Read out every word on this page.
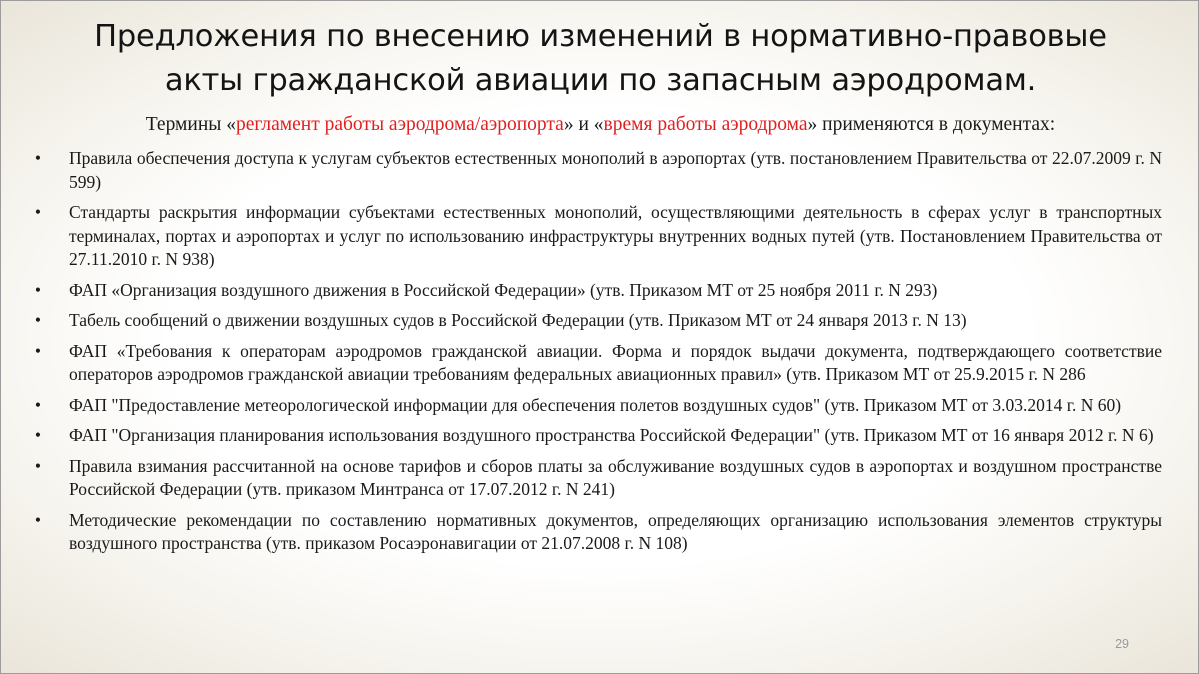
Предложения по внесению изменений в нормативно-правовые
акты гражданской авиации по запасным аэродромам.
Термины «регламент работы аэродрома/аэропорта» и «время работы аэродрома» применяются в документах:
• Правила обеспечения доступа к услугам субъектов естественных монополий в аэропортах (утв. постановлением Правительства от 22.07.2009 г. N 599)
• Стандарты раскрытия информации субъектами естественных монополий, осуществляющими деятельность в сферах услуг в транспортных терминалах, портах и аэропортах и услуг по использованию инфраструктуры внутренних водных путей (утв. Постановлением Правительства от 27.11.2010 г. N 938)
• ФАП «Организация воздушного движения в Российской Федерации» (утв. Приказом МТ от 25 ноября 2011 г. N 293)
• Табель сообщений о движении воздушных судов в Российской Федерации (утв. Приказом МТ от 24 января 2013 г. N 13)
• ФАП «Требования к операторам аэродромов гражданской авиации. Форма и порядок выдачи документа, подтверждающего соответствие операторов аэродромов гражданской авиации требованиям федеральных авиационных правил» (утв. Приказом МТ от 25.9.2015 г. N 286
• ФАП "Предоставление метеорологической информации для обеспечения полетов воздушных судов" (утв. Приказом МТ от 3.03.2014 г. N 60)
• ФАП "Организация планирования использования воздушного пространства Российской Федерации" (утв. Приказом МТ от 16 января 2012 г. N 6)
• Правила взимания рассчитанной на основе тарифов и сборов платы за обслуживание воздушных судов в аэропортах и воздушном пространстве Российской Федерации (утв. приказом Минтранса от 17.07.2012 г. N 241)
• Методические рекомендации по составлению нормативных документов, определяющих организацию использования элементов структуры воздушного пространства (утв. приказом Росаэронавигации от 21.07.2008 г. N 108)
29
